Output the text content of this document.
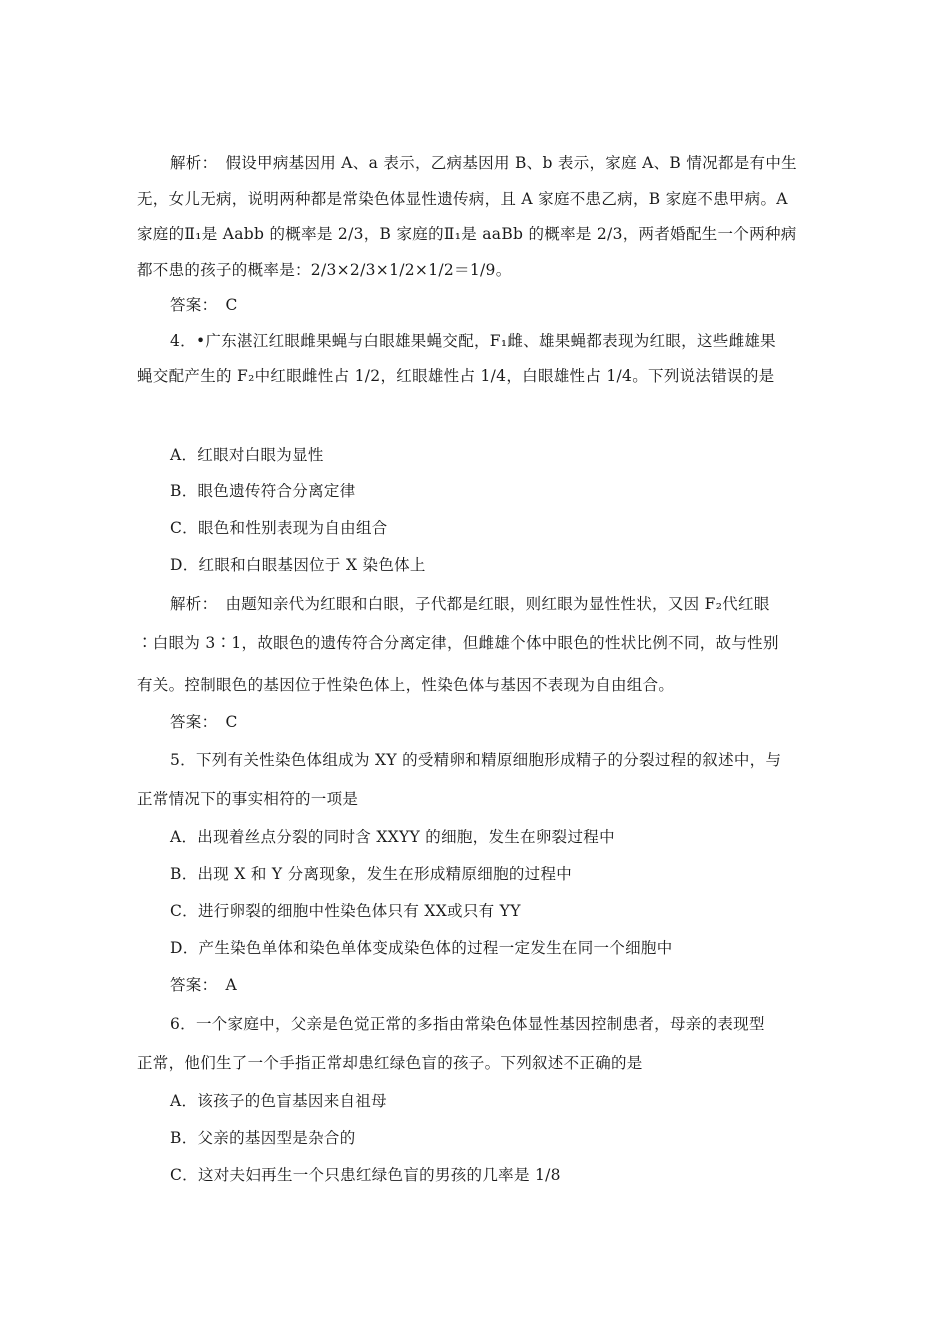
解析：　假设甲病基因用 A、a 表示，乙病基因用 B、b 表示，家庭 A、B 情况都是有中生
无，女儿无病，说明两种都是常染色体显性遗传病，且 A 家庭不患乙病，B 家庭不患甲病。A
家庭的Ⅱ₁是 Aabb 的概率是 2/3，B 家庭的Ⅱ₁是 aaBb 的概率是 2/3，两者婚配生一个两种病
都不患的孩子的概率是：2/3×2/3×1/2×1/2＝1/9。
答案：　C
4．•广东湛江红眼雌果蝇与白眼雄果蝇交配，F₁雌、雄果蝇都表现为红眼，这些雌雄果
蝇交配产生的 F₂中红眼雌性占 1/2，红眼雄性占 1/4，白眼雄性占 1/4。下列说法错误的是
A．红眼对白眼为显性
B．眼色遗传符合分离定律
C．眼色和性别表现为自由组合
D．红眼和白眼基因位于 X 染色体上
解析：　由题知亲代为红眼和白眼，子代都是红眼，则红眼为显性性状，又因 F₂代红眼
∶白眼为 3∶1，故眼色的遗传符合分离定律，但雌雄个体中眼色的性状比例不同，故与性别
有关。控制眼色的基因位于性染色体上，性染色体与基因不表现为自由组合。
答案：　C
5．下列有关性染色体组成为 XY 的受精卵和精原细胞形成精子的分裂过程的叙述中，与
正常情况下的事实相符的一项是
A．出现着丝点分裂的同时含 XXYY 的细胞，发生在卵裂过程中
B．出现 X 和 Y 分离现象，发生在形成精原细胞的过程中
C．进行卵裂的细胞中性染色体只有 XX或只有 YY
D．产生染色单体和染色单体变成染色体的过程一定发生在同一个细胞中
答案：　A
6．一个家庭中，父亲是色觉正常的多指由常染色体显性基因控制患者，母亲的表现型
正常，他们生了一个手指正常却患红绿色盲的孩子。下列叙述不正确的是
A．该孩子的色盲基因来自祖母
B．父亲的基因型是杂合的
C．这对夫妇再生一个只患红绿色盲的男孩的几率是 1/8
